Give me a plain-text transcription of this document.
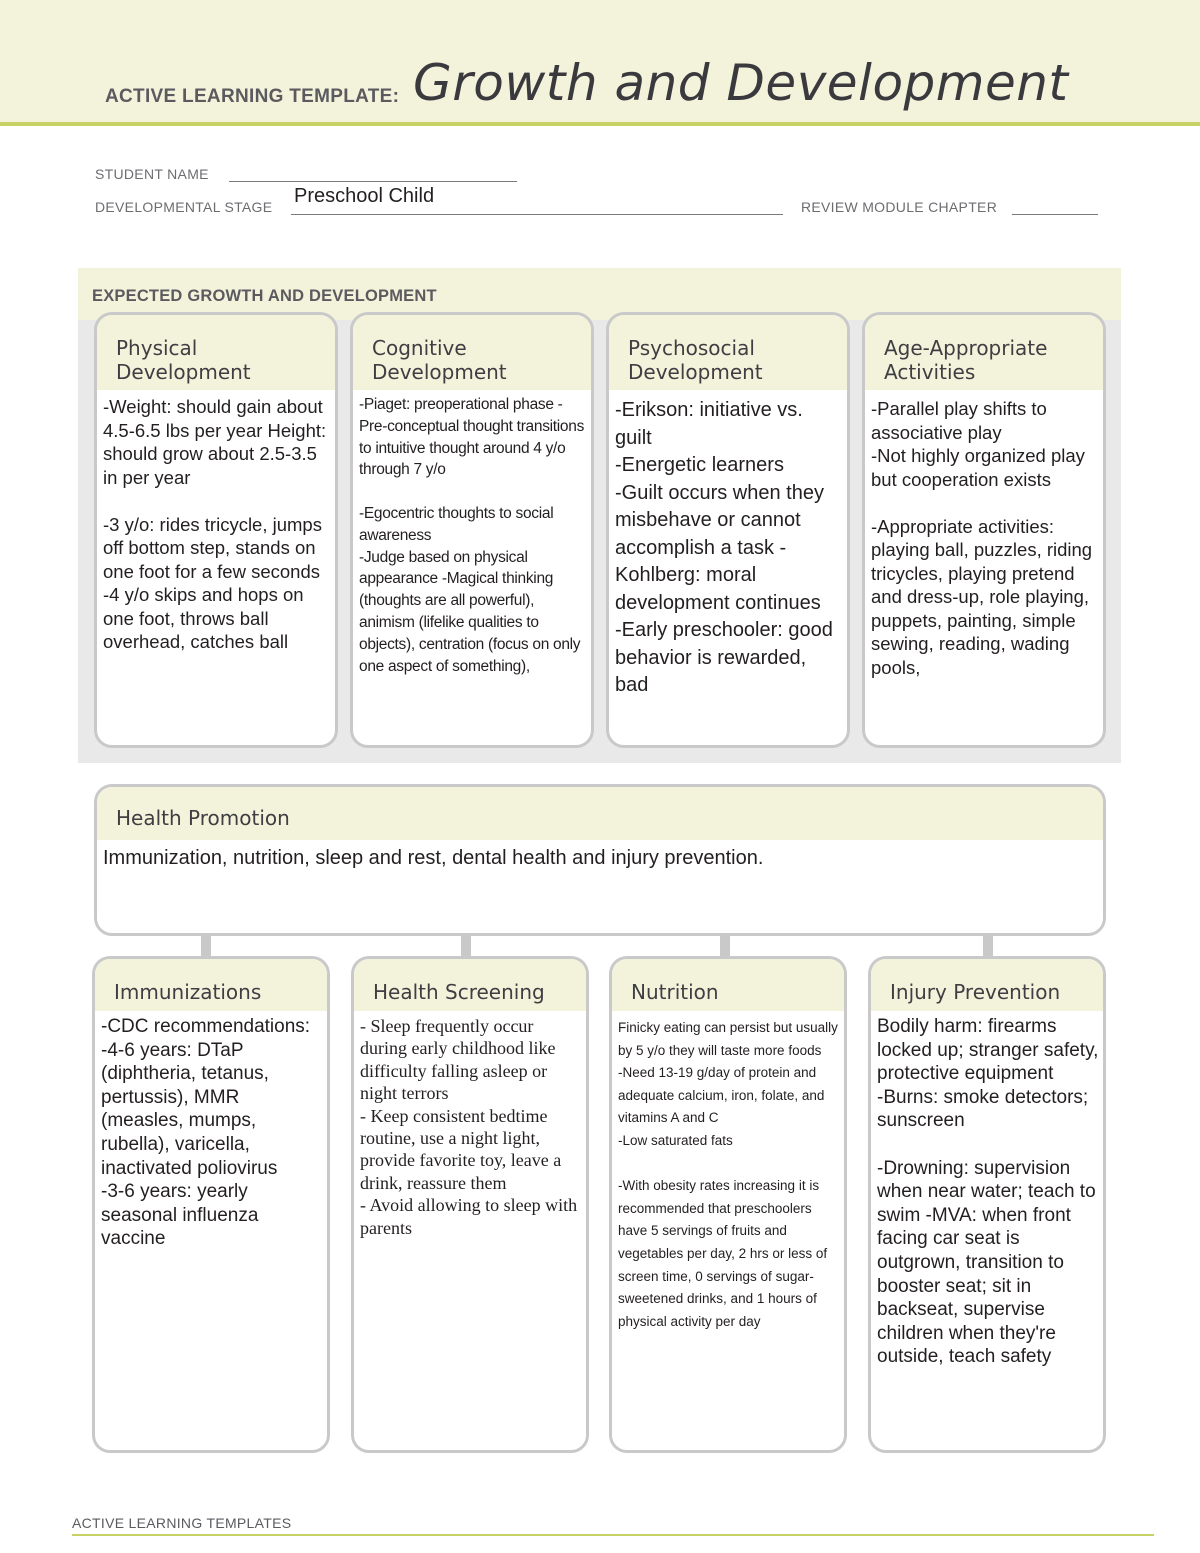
ACTIVE LEARNING TEMPLATE: Growth and Development
STUDENT NAME
DEVELOPMENTAL STAGE Preschool Child	REVIEW MODULE CHAPTER
EXPECTED GROWTH AND DEVELOPMENT
Physical
Development
-Weight: should gain about 4.5-6.5 lbs per year Height: should grow about 2.5-3.5 in per year

-3 y/o: rides tricycle, jumps off bottom step, stands on one foot for a few seconds
-4 y/o skips and hops on one foot, throws ball overhead, catches ball
Cognitive
Development
-Piaget: preoperational phase -Pre-conceptual thought transitions to intuitive thought around 4 y/o through 7 y/o

-Egocentric thoughts to social awareness
-Judge based on physical appearance -Magical thinking (thoughts are all powerful), animism (lifelike qualities to objects), centration (focus on only one aspect of something),
Psychosocial
Development
-Erikson: initiative vs. guilt
-Energetic learners
-Guilt occurs when they misbehave or cannot accomplish a task -Kohlberg: moral development continues
-Early preschooler: good behavior is rewarded, bad
Age-Appropriate
Activities
-Parallel play shifts to associative play
-Not highly organized play but cooperation exists

-Appropriate activities: playing ball, puzzles, riding tricycles, playing pretend and dress-up, role playing, puppets, painting, simple sewing, reading, wading pools,
Health Promotion
Immunization, nutrition, sleep and rest, dental health and injury prevention.
Immunizations
-CDC recommendations:
-4-6 years: DTaP (diphtheria, tetanus, pertussis), MMR (measles, mumps, rubella), varicella, inactivated poliovirus
-3-6 years: yearly seasonal influenza vaccine
Health Screening
- Sleep frequently occur during early childhood like difficulty falling asleep or night terrors
- Keep consistent bedtime routine, use a night light, provide favorite toy, leave a drink, reassure them
- Avoid allowing to sleep with parents
Nutrition
Finicky eating can persist but usually by 5 y/o they will taste more foods
-Need 13-19 g/day of protein and adequate calcium, iron, folate, and vitamins A and C
-Low saturated fats

-With obesity rates increasing it is recommended that preschoolers have 5 servings of fruits and vegetables per day, 2 hrs or less of screen time, 0 servings of sugar-sweetened drinks, and 1 hours of physical activity per day
Injury Prevention
Bodily harm: firearms locked up; stranger safety, protective equipment
-Burns: smoke detectors; sunscreen

-Drowning: supervision when near water; teach to swim -MVA: when front facing car seat is outgrown, transition to booster seat; sit in backseat, supervise children when they're outside, teach safety
ACTIVE LEARNING TEMPLATES
